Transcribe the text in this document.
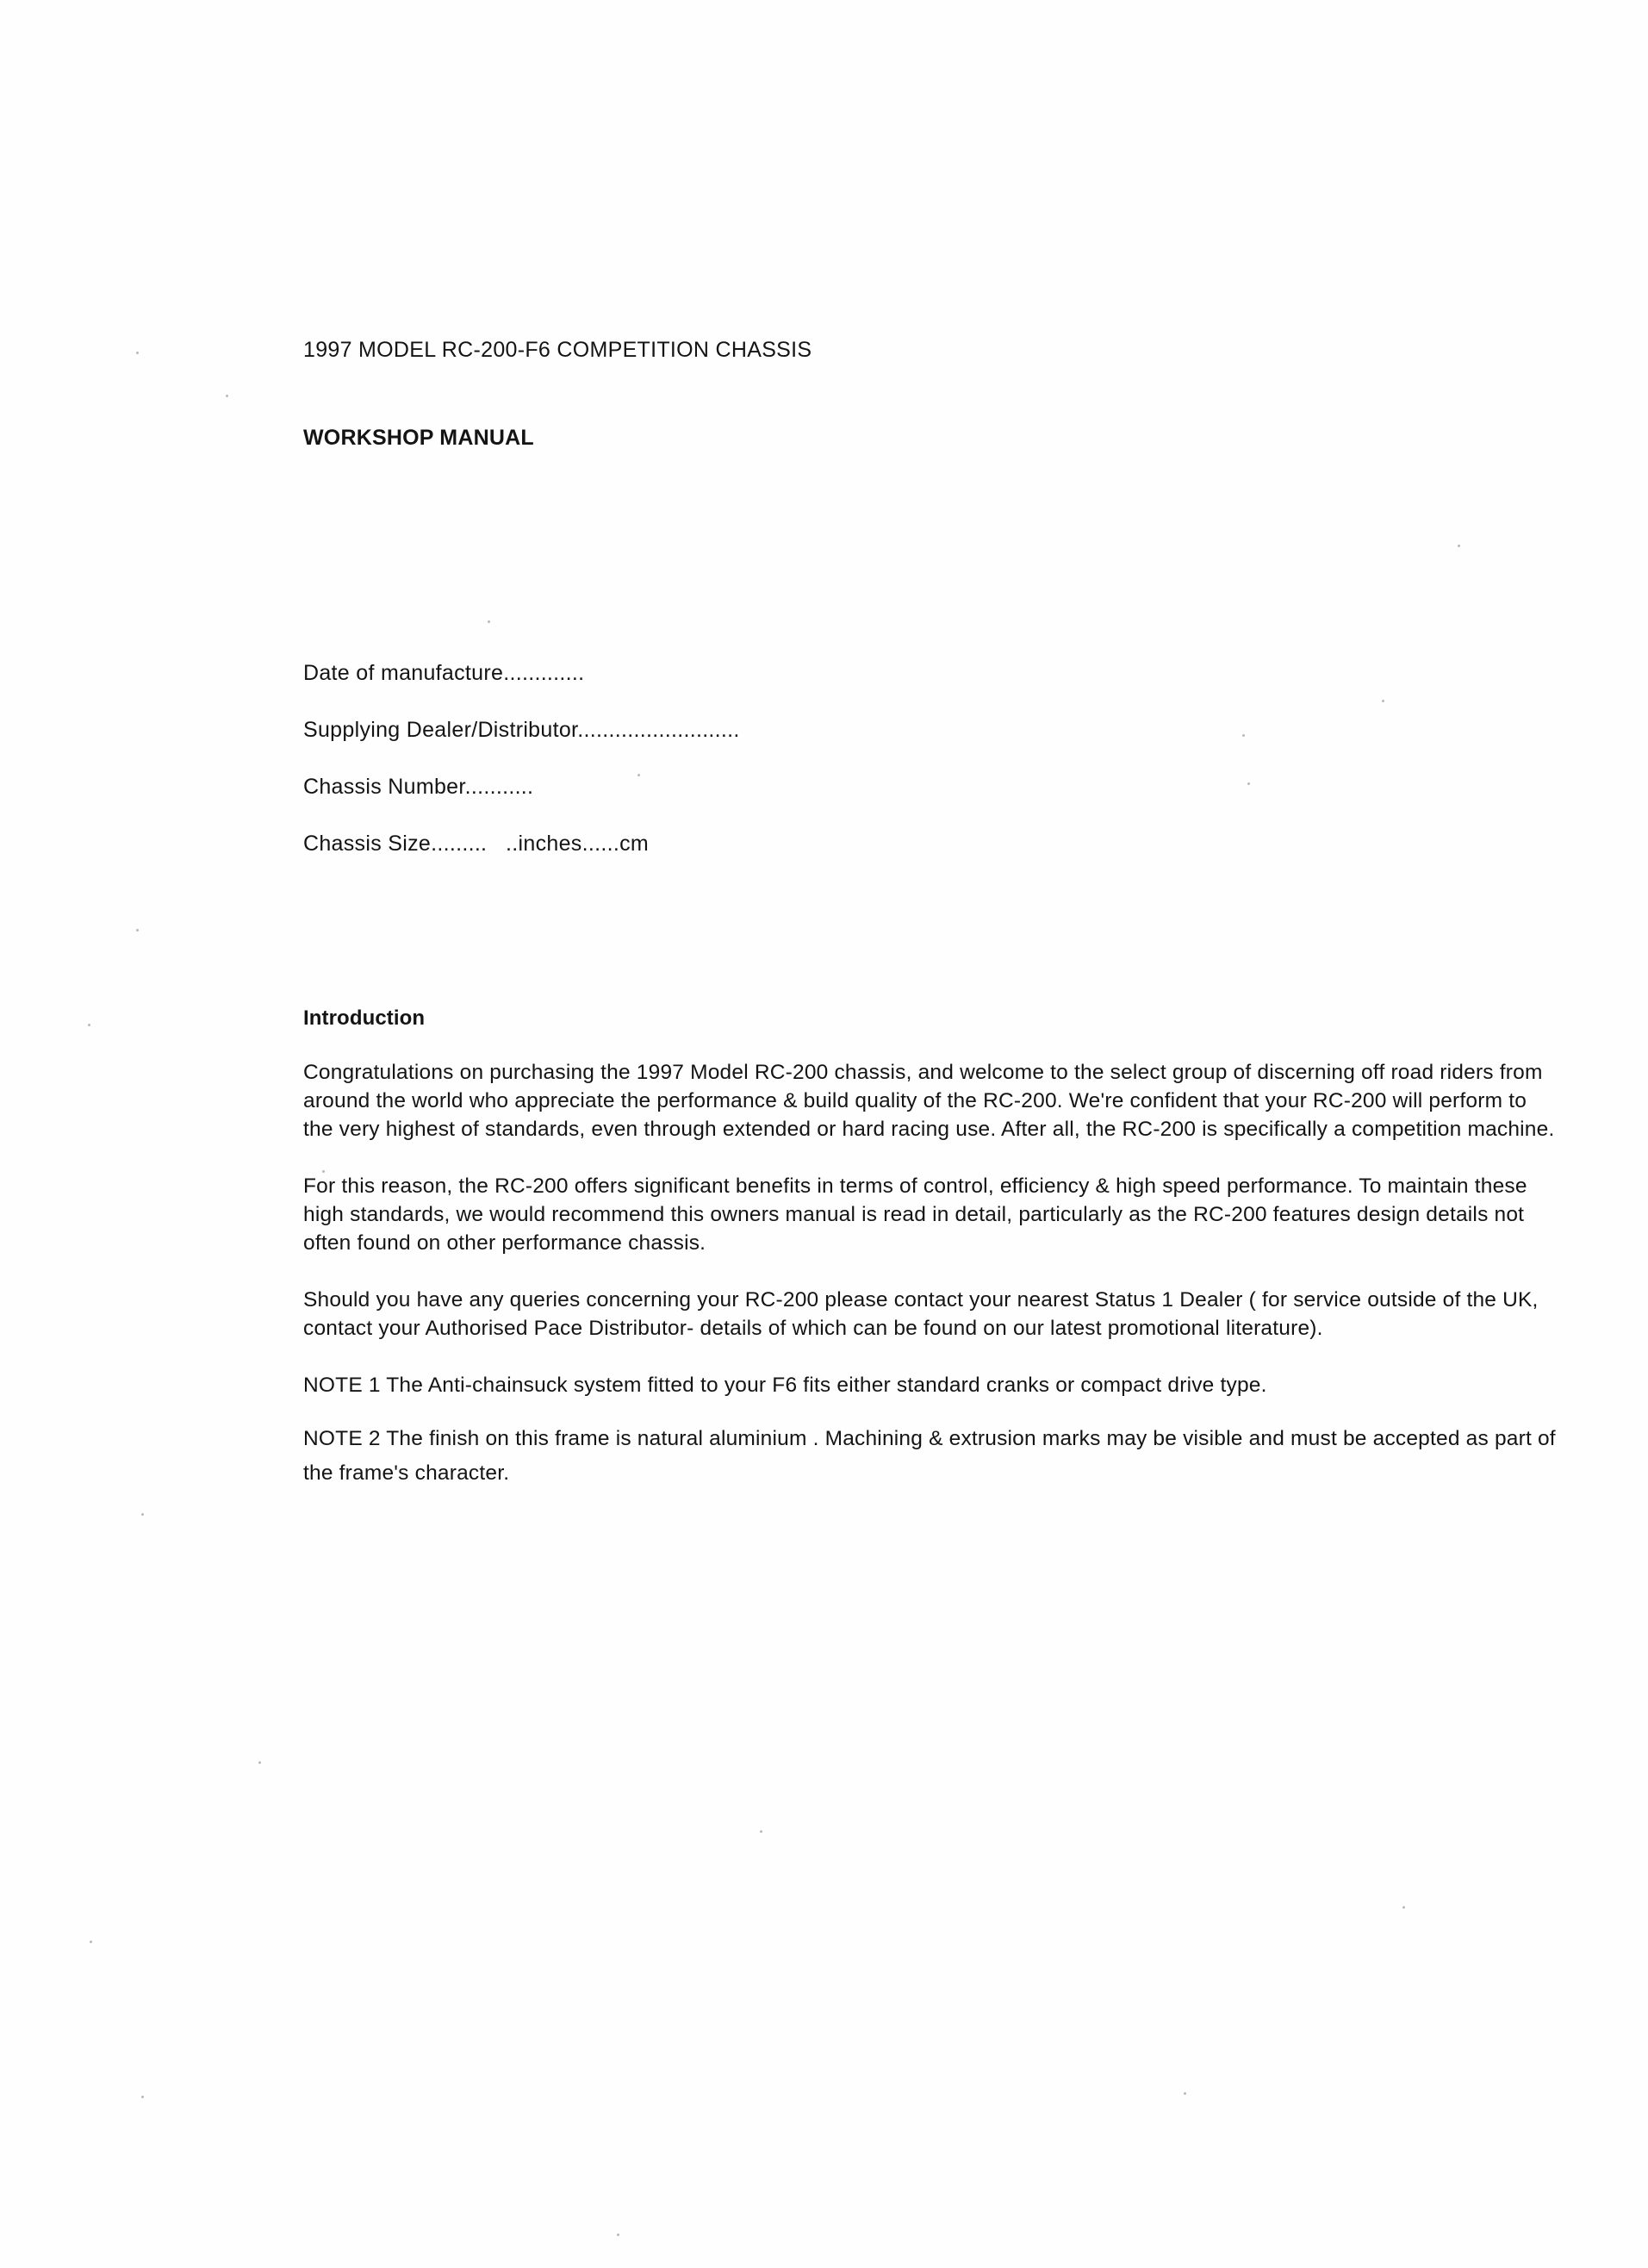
1997 MODEL RC-200-F6 COMPETITION CHASSIS
WORKSHOP MANUAL
Date of manufacture.............
Supplying Dealer/Distributor..........................
Chassis Number...........
Chassis Size.........   ..inches......cm
Introduction

Congratulations on purchasing the 1997 Model RC-200 chassis, and welcome to the select group of discerning off road riders from around the world who appreciate the performance & build quality of the RC-200. We're confident that your RC-200 will perform to the very highest of standards, even through extended or hard racing use. After all, the RC-200 is specifically a competition machine.

For this reason, the RC-200 offers significant benefits in terms of control, efficiency & high speed performance. To maintain these high standards, we would recommend this owners manual is read in detail, particularly as the RC-200 features design details not often found on other performance chassis.

Should you have any queries concerning your RC-200 please contact your nearest Status 1 Dealer ( for service outside of the UK, contact your Authorised Pace Distributor- details of which can be found on our latest promotional literature).

NOTE 1 The Anti-chainsuck system fitted to your F6 fits either standard cranks or compact drive type.

NOTE 2 The finish on this frame is natural aluminium . Machining & extrusion marks may be visible and must be accepted as part of the frame's character.
